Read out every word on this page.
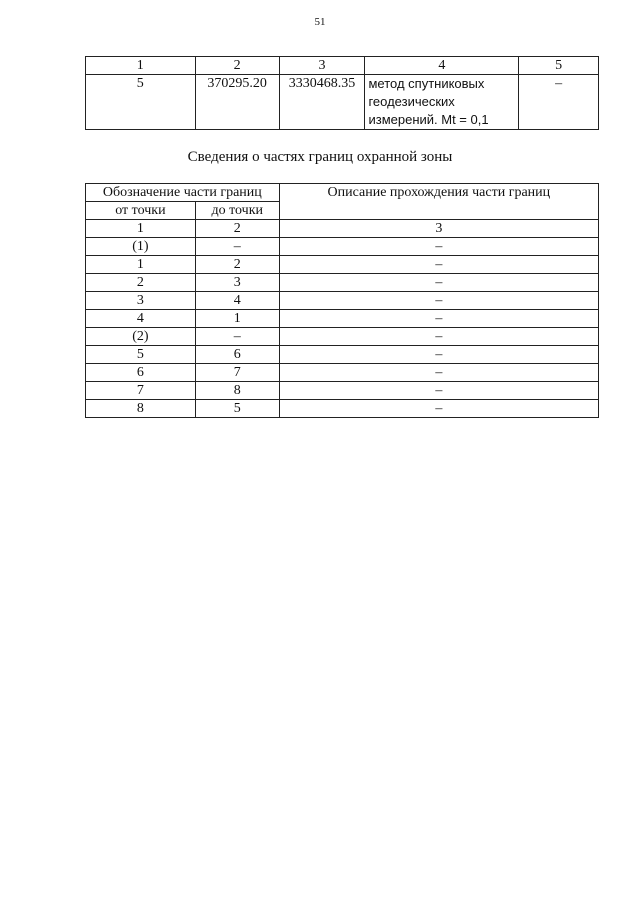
51
1	2	3	4	5
5	370295.20	3330468.35	метод спутниковых геодезических измерений. Mt = 0,1	–
Сведения о частях границ охранной зоны
Обозначение части границ		Описание прохождения части границ
от точки	до точки	
1	2	3
(1)	–	–
1	2	–
2	3	–
3	4	–
4	1	–
(2)	–	–
5	6	–
6	7	–
7	8	–
8	5	–
